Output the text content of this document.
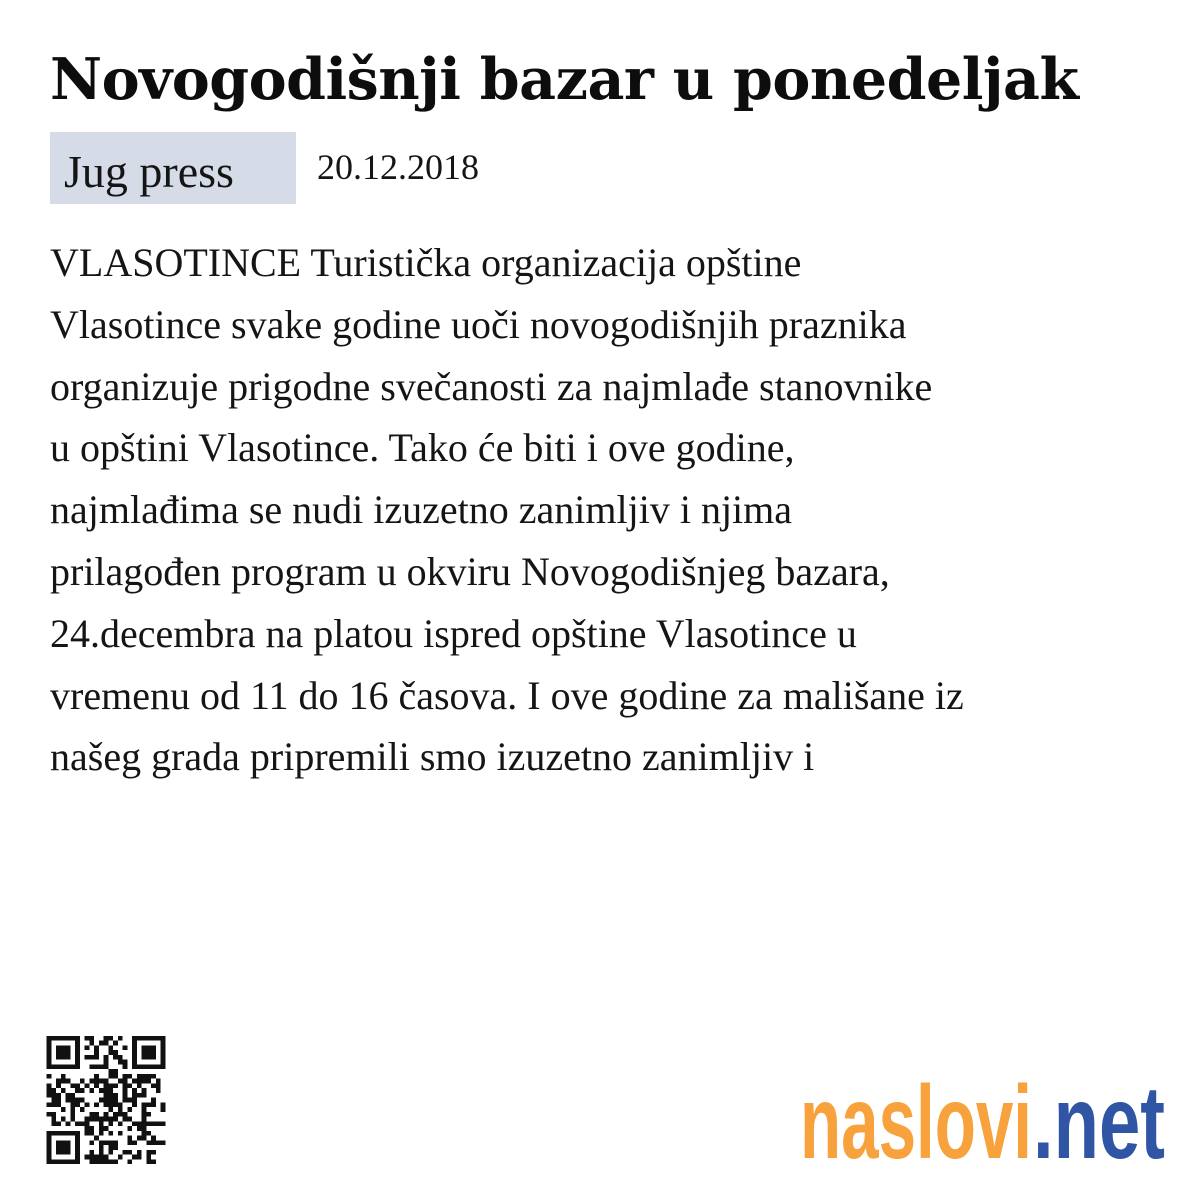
Novogodišnji bazar u ponedeljak
Jug press 20.12.2018
VLASOTINCE Turistička organizacija opštine
Vlasotince svake godine uoči novogodišnjih praznika
organizuje prigodne svečanosti za najmlađe stanovnike
u opštini Vlasotince. Tako će biti i ove godine,
najmlađima se nudi izuzetno zanimljiv i njima
prilagođen program u okviru Novogodišnjeg bazara,
24.decembra na platou ispred opštine Vlasotince u
vremenu od 11 do 16 časova. I ove godine za mališane iz
našeg grada pripremili smo izuzetno zanimljiv i
naslovi .net
